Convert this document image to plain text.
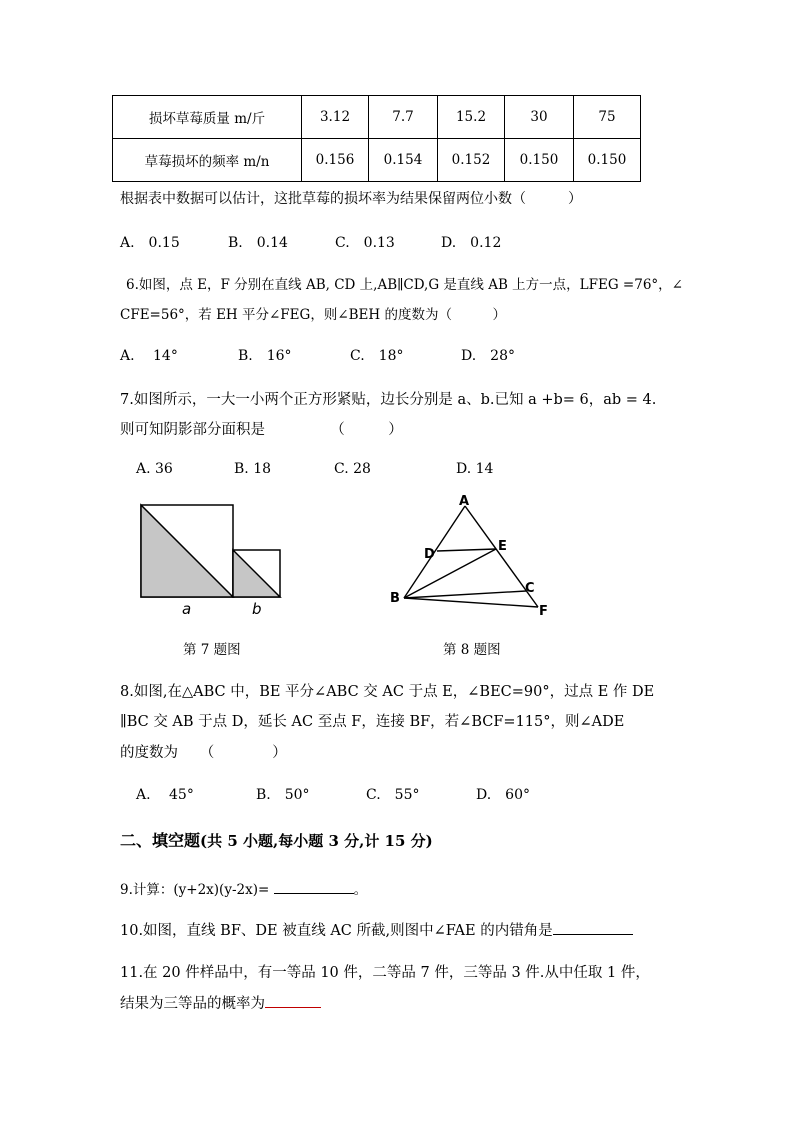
损坏草莓质量 m/斤	3.12	7.7	15.2	30	75
草莓损坏的频率 m/n	0.156	0.154	0.152	0.150	0.150
根据表中数据可以估计，这批草莓的损坏率为结果保留两位小数（　　　）
A.　0.15	B.　0.14	C.　0.13	D.　0.12
6.如图，点 E，F 分别在直线 AB, CD 上,AB∥CD,G 是直线 AB 上方一点，LFEG =76°，∠
CFE=56°，若 EH 平分∠FEG，则∠BEH 的度数为（　　　）
A.　 14°	B.　16°	C.　18°	D.　28°
7.如图所示，一大一小两个正方形紧贴，边长分别是 a、b.已知 a +b= 6，ab = 4.
则可知阴影部分面积是　　　　　（　　　）
A. 36	B. 18	C. 28	D. 14
a	b
第 7 题图
A
B
C
D
E
F
第 8 题图
8.如图,在△ABC 中，BE 平分∠ABC 交 AC 于点 E，∠BEC=90°，过点 E 作 DE
∥BC 交 AB 于点 D，延长 AC 至点 F，连接 BF，若∠BCF=115°，则∠ADE
的度数为　　（　　　　）
A.　 45°	B.　50°	C.　55°	D.　60°
二、填空题(共 5 小题,每小题 3 分,计 15 分)
9.计算：(y+2x)(y-2x)=	。
10.如图，直线 BF、DE 被直线 AC 所截,则图中∠FAE 的内错角是
11.在 20 件样品中，有一等品 10 件，二等品 7 件，三等品 3 件.从中任取 1 件，
结果为三等品的概率为
